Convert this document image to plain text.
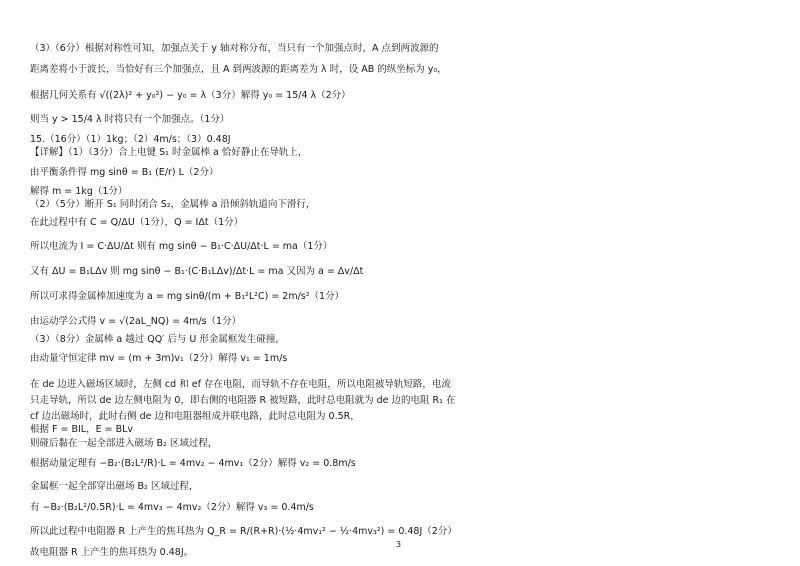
（3）（6分）根据对称性可知，加强点关于 y 轴对称分布，当只有一个加强点时，A 点到两波源的
距离差将小于波长，当恰好有三个加强点，且 A 到两波源的距离差为 λ 时，设 AB 的纵坐标为 y₀，
根据几何关系有 √((2λ)² + y₀²) − y₀ = λ（3分）解得 y₀ = 15/4 λ（2分）
则当 y > 15/4 λ 时将只有一个加强点。（1分）
15.（16分）（1）1kg；（2）4m/s；（3）0.48J
【详解】（1）（3分）合上电键 S₁ 时金属棒 a 恰好静止在导轨上，
由平衡条件得 mg sinθ = B₁ (E/r) L（2分）
解得 m = 1kg（1分）
（2）（5分）断开 S₁ 同时闭合 S₂，金属棒 a 沿倾斜轨道向下滑行，
在此过程中有 C = Q/ΔU（1分），Q = IΔt（1分）
所以电流为 I = C·ΔU/Δt 则有 mg sinθ − B₁·C·ΔU/Δt·L = ma（1分）
又有 ΔU = B₁LΔv 则 mg sinθ − B₁·(C·B₁LΔv)/Δt·L = ma 又因为 a = Δv/Δt
所以可求得金属棒加速度为 a = mg sinθ/(m + B₁²L²C) = 2m/s²（1分）
由运动学公式得 v = √(2aL_NQ) = 4m/s（1分）
（3）（8分）金属棒 a 越过 QQ′ 后与 U 形金属框发生碰撞，
由动量守恒定律 mv = (m + 3m)v₁（2分）解得 v₁ = 1m/s
在 de 边进入磁场区域时，左侧 cd 和 ef 存在电阻，而导轨不存在电阻，所以电阻被导轨短路，电流
只走导轨，所以 de 边左侧电阻为 0，即右侧的电阻器 R 被短路，此时总电阻就为 de 边的电阻 R₁ 在
cf 边出磁场时，此时右侧 de 边和电阻器组成并联电路，此时总电阻为 0.5R，
根据 F = BIL，E = BLv
则碰后黏在一起全部进入磁场 B₂ 区域过程，
根据动量定理有 −B₂·(B₂L²/R)·L = 4mv₂ − 4mv₁（2分）解得 v₂ = 0.8m/s
金属框一起全部穿出磁场 B₂ 区域过程，
有 −B₂·(B₂L²/0.5R)·L = 4mv₃ − 4mv₂（2分）解得 v₃ = 0.4m/s
所以此过程中电阻器 R 上产生的焦耳热为 Q_R = R/(R+R)·(½·4mv₁² − ½·4mv₃²) = 0.48J（2分）
故电阻器 R 上产生的焦耳热为 0.48J。
3
